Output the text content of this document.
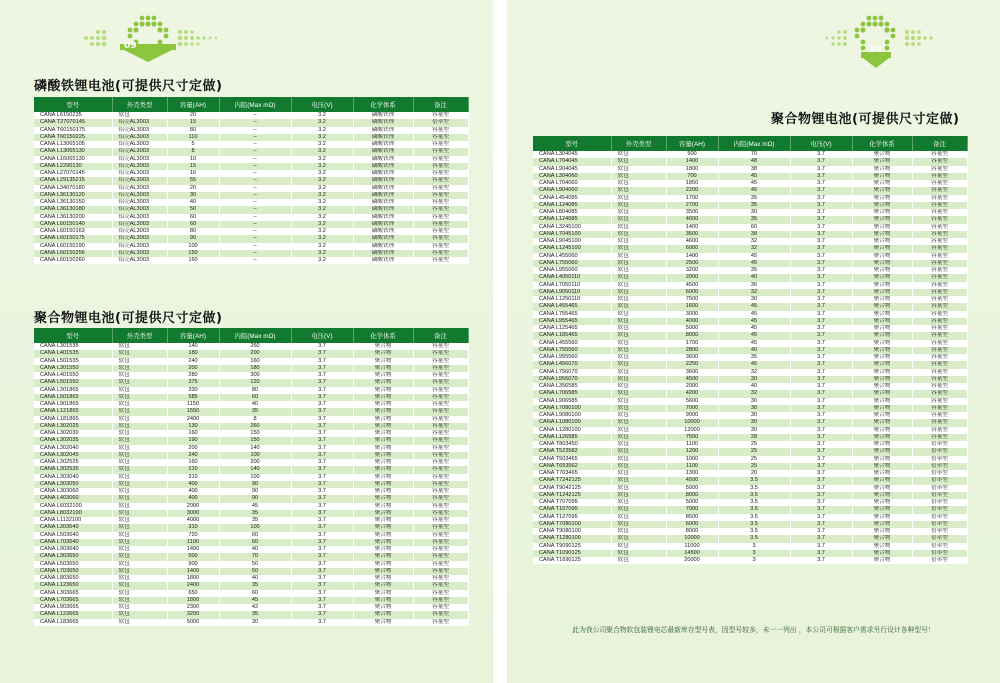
09
磷酸铁锂电池(可提供尺寸定做)
型号	外壳类型	容量(AH)	内阻(Max mΩ)	电压(V)	化学体系	备注
CANA L6150235	软包	20	–	3.2	磷酸铁锂	容量型
CANA T27070145	铝壳AL3003	15	–	3.2	磷酸铁锂	倍率型
CANA T60150175	铝壳AL3003	80	–	3.2	磷酸铁锂	容量型
CANA T60150225	铝壳AL3003	110	–	3.2	磷酸铁锂	容量型
CANA L13065105	铝壳AL3003	5	–	3.2	磷酸铁锂	容量型
CANA L13065130	铝壳AL3003	8	–	3.2	磷酸铁锂	容量型
CANA L16065130	铝壳AL3003	10	–	3.2	磷酸铁锂	容量型
CANA L2290130	铝壳AL3003	15	–	3.2	磷酸铁锂	容量型
CANA L27070145	铝壳AL3003	16	–	3.2	磷酸铁锂	容量型
CANA L29135215	铝壳AL3003	55	–	3.2	磷酸铁锂	容量型
CANA L34070180	铝壳AL3003	20	–	3.2	磷酸铁锂	容量型
CANA L36130120	铝壳AL3003	30	–	3.2	磷酸铁锂	容量型
CANA L36130150	铝壳AL3003	40	–	3.2	磷酸铁锂	容量型
CANA L36130180	铝壳AL3003	50	–	3.2	磷酸铁锂	容量型
CANA L36130200	铝壳AL3003	60	–	3.2	磷酸铁锂	容量型
CANA L60150140	铝壳AL3003	60	–	3.2	磷酸铁锂	容量型
CANA L60150163	铝壳AL3003	80	–	3.2	磷酸铁锂	容量型
CANA L60150175	铝壳AL3003	90	–	3.2	磷酸铁锂	容量型
CANA L60150190	铝壳AL3003	100	–	3.2	磷酸铁锂	容量型
CANA L60150256	铝壳AL3003	150	–	3.2	磷酸铁锂	容量型
CANA L60150260	铝壳AL3003	160	–	3.2	磷酸铁锂	容量型
聚合物锂电池(可提供尺寸定做)
型号	外壳类型	容量(AH)	内阻(Max mΩ)	电压(V)	化学体系	备注
CANA L301535	软包	140	260	3.7	聚合物	容量型
CANA L401535	软包	180	200	3.7	聚合物	容量型
CANA L501535	软包	240	160	3.7	聚合物	容量型
CANA L301550	软包	200	180	3.7	聚合物	容量型
CANA L401550	软包	280	300	3.7	聚合物	容量型
CANA L501550	软包	375	120	3.7	聚合物	容量型
CANA L301865	软包	330	80	3.7	聚合物	容量型
CANA L501865	软包	585	60	3.7	聚合物	容量型
CANA L901865	软包	1150	40	3.7	聚合物	容量型
CANA L121865	软包	1550	35	3.7	聚合物	容量型
CANA L181865	软包	2400	8	3.7	聚合物	容量型
CANA L302025	软包	130	260	3.7	聚合物	容量型
CANA L302030	软包	160	150	3.7	聚合物	容量型
CANA L302035	软包	190	150	3.7	聚合物	容量型
CANA L302040	软包	200	140	3.7	聚合物	容量型
CANA L302045	软包	240	100	3.7	聚合物	容量型
CANA L302525	软包	160	200	3.7	聚合物	容量型
CANA L302535	软包	210	140	3.7	聚合物	容量型
CANA L303040	软包	310	100	3.7	聚合物	容量型
CANA L303050	软包	400	90	3.7	聚合物	容量型
CANA L303060	软包	400	90	3.7	聚合物	容量型
CANA L403060	软包	400	90	3.7	聚合物	容量型
CANA L6032100	软包	2000	45	3.7	聚合物	容量型
CANA L8032100	软包	3000	35	3.7	聚合物	容量型
CANA L1132100	软包	4000	35	3.7	聚合物	容量型
CANA L303640	软包	310	100	3.7	聚合物	容量型
CANA L503640	软包	720	60	3.7	聚合物	容量型
CANA L703640	软包	1100	60	3.7	聚合物	容量型
CANA L903640	软包	1400	40	3.7	聚合物	容量型
CANA L303650	软包	500	70	3.7	聚合物	容量型
CANA L503650	软包	900	50	3.7	聚合物	容量型
CANA L703650	软包	1400	50	3.7	聚合物	容量型
CANA L803650	软包	1800	40	3.7	聚合物	容量型
CANA L123650	软包	2400	35	3.7	聚合物	容量型
CANA L303665	软包	650	60	3.7	聚合物	容量型
CANA L703665	软包	1800	45	3.7	聚合物	容量型
CANA L903665	软包	2300	42	3.7	聚合物	容量型
CANA L123665	软包	3200	35	3.7	聚合物	容量型
CANA L183665	软包	5000	30	3.7	聚合物	容量型
10
聚合物锂电池(可提供尺寸定做)
型号	外壳类型	容量(AH)	内阻(Max mΩ)	电压(V)	化学体系	备注
CANA L304045	软包	500	70	3.7	聚合物	容量型
CANA L704045	软包	1400	48	3.7	聚合物	容量型
CANA L904045	软包	1800	38	3.7	聚合物	容量型
CANA L304060	软包	700	45	3.7	聚合物	容量型
CANA L704060	软包	1850	45	3.7	聚合物	容量型
CANA L904060	软包	2200	45	3.7	聚合物	容量型
CANA L454085	软包	1700	35	3.7	聚合物	容量型
CANA L124085	软包	2700	35	3.7	聚合物	容量型
CANA L804085	软包	3500	30	3.7	聚合物	容量型
CANA L124085	软包	4600	35	3.7	聚合物	容量型
CANA L3245100	软包	1400	60	3.7	聚合物	容量型
CANA L7045100	软包	3500	38	3.7	聚合物	容量型
CANA L9045100	软包	4600	32	3.7	聚合物	容量型
CANA L1245100	软包	6000	32	3.7	聚合物	容量型
CANA L455060	软包	1400	45	3.7	聚合物	容量型
CANA L755060	软包	2500	45	3.7	聚合物	容量型
CANA L955060	软包	3200	35	3.7	聚合物	容量型
CANA L4050110	软包	2000	40	3.7	聚合物	容量型
CANA L7050110	软包	4500	36	3.7	聚合物	容量型
CANA L9050110	软包	6000	32	3.7	聚合物	容量型
CANA L1250110	软包	7500	30	3.7	聚合物	容量型
CANA L455465	软包	1600	45	3.7	聚合物	容量型
CANA L755465	软包	3000	45	3.7	聚合物	容量型
CANA L955465	软包	4000	45	3.7	聚合物	容量型
CANA L125465	软包	5000	45	3.7	聚合物	容量型
CANA L185465	软包	8000	45	3.7	聚合物	容量型
CANA L455560	软包	1700	45	3.7	聚合物	容量型
CANA L755560	软包	2800	40	3.7	聚合物	容量型
CANA L955560	软包	3600	35	3.7	聚合物	容量型
CANA L456070	软包	2250	45	3.7	聚合物	容量型
CANA L756070	软包	3600	32	3.7	聚合物	容量型
CANA L956070	软包	4500	30	3.7	聚合物	容量型
CANA L356585	软包	2000	40	3.7	聚合物	容量型
CANA L706585	软包	4200	32	3.7	聚合物	容量型
CANA L906585	软包	5600	30	3.7	聚合物	容量型
CANA L7080100	软包	7000	30	3.7	聚合物	容量型
CANA L9080100	软包	9000	30	3.7	聚合物	容量型
CANA L1080100	软包	10000	30	3.7	聚合物	容量型
CANA L1280100	软包	12000	30	3.7	聚合物	容量型
CANA L126585	软包	7500	28	3.7	聚合物	容量型
CANA T803450	软包	1100	25	3.7	聚合物	倍率型
CANA T523582	软包	1200	25	3.7	聚合物	倍率型
CANA T503465	软包	1000	25	3.7	聚合物	倍率型
CANA T653562	软包	1100	25	3.7	聚合物	倍率型
CANA T703465	软包	1300	20	3.7	聚合物	倍率型
CANA T7242125	软包	4500	3.5	3.7	聚合物	倍率型
CANA T9042125	软包	5000	3.5	3.7	聚合物	倍率型
CANA T1242125	软包	8000	3.5	3.7	聚合物	倍率型
CANA T707095	软包	5000	3.5	3.7	聚合物	倍率型
CANA T107095	软包	7000	3.5	3.7	聚合物	倍率型
CANA T127095	软包	8500	3.5	3.7	聚合物	倍率型
CANA T7080100	软包	6000	3.5	3.7	聚合物	倍率型
CANA T9080100	软包	8000	3.5	3.7	聚合物	倍率型
CANA T1280100	软包	10000	3.5	3.7	聚合物	倍率型
CANA T9090125	软包	11000	3	3.7	聚合物	倍率型
CANA T1090125	软包	14500	3	3.7	聚合物	倍率型
CANA T1690125	软包	20000	3	3.7	聚合物	倍率型
此为我公司聚合物软包装锂电芯最新库存型号表，因型号较多，未一一列出 ，本公司可根据客户需求另行设计各种型号！
